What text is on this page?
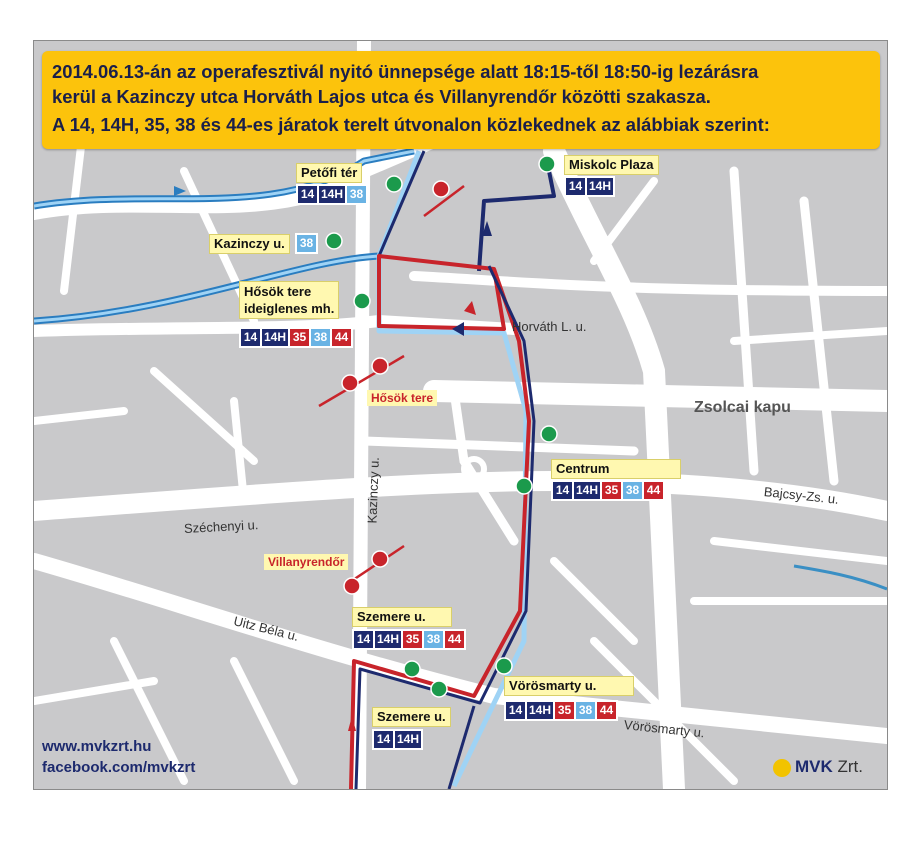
2014.06.13-án az operafesztivál nyitó ünnepsége alatt 18:15-től 18:50-ig lezárásra
kerül a Kazinczy utca Horváth Lajos utca és Villanyrendőr közötti szakasza.
A 14, 14H, 35, 38 és 44-es járatok terelt útvonalon közlekednek az alábbiak szerint:
Horváth L. u.
Zsolcai kapu
Bajcsy-Zs. u.
Széchenyi u.
Kazinczy u.
Uitz Béla u.
Vörösmarty u.
Hősök tere
Villanyrendőr
Petőfi tér
14 14H 38
Miskolc Plaza
14 14H
Kazinczy u.	38
Hősök tere
ideiglenes mh.
14 14H 35 38 44
Centrum
14 14H 35 38 44
Szemere u.
14 14H 35 38 44
Vörösmarty u.
14 14H 35 38 44
Szemere u.
14 14H
www.mvkzrt.hu
facebook.com/mvkzrt	MVK Zrt.
